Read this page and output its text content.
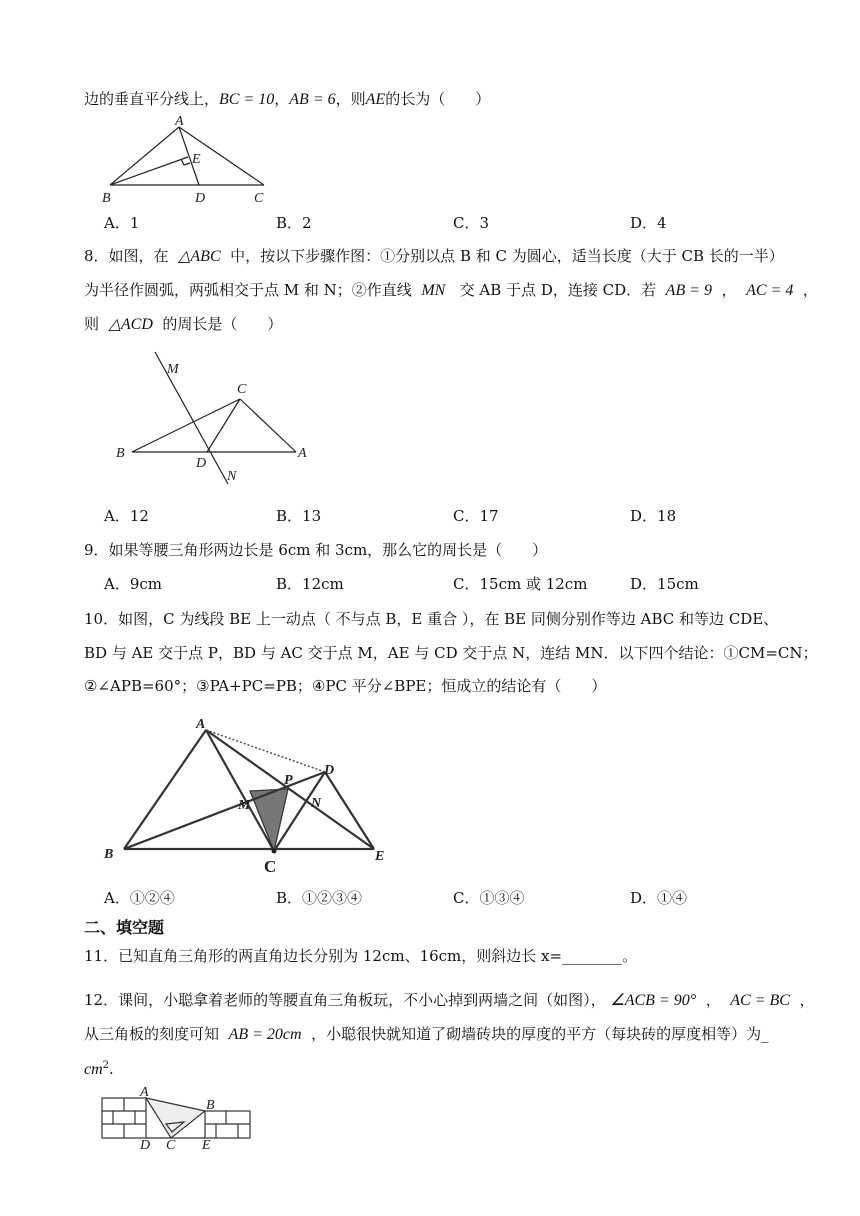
边的垂直平分线上，BC = 10，AB = 6，则AE的长为（　　）
A
B	D	C
E
A．1	B．2	C．3	D．4
8．如图，在 △ABC 中，按以下步骤作图：①分别以点 B 和 C 为圆心，适当长度（大于 CB 长的一半）
为半径作圆弧，两弧相交于点 M 和 N；②作直线 MN 交 AB 于点 D，连接 CD．若 AB = 9 ， AC = 4 ，
则 △ACD 的周长是（　　）
M
C
B
D
A
N
A．12	B．13	C．17	D．18
9．如果等腰三角形两边长是 6cm 和 3cm，那么它的周长是（　　）
A．9cm	B．12cm	C．15cm 或 12cm	D．15cm
10．如图，C 为线段 BE 上一动点（ 不与点 B，E 重合 ），在 BE 同侧分别作等边 ABC 和等边 CDE、
BD 与 AE 交于点 P，BD 与 AC 交于点 M，AE 与 CD 交于点 N，连结 MN．以下四个结论：①CM=CN；
②∠APB=60°；③PA+PC=PB；④PC 平分∠BPE；恒成立的结论有（　　）
A
B
C
D
E
M	N
P
A．①②④	B．①②③④	C．①③④	D．①④
二、填空题
11．已知直角三角形的两直角边长分别为 12cm、16cm，则斜边长 x=________。
12．课间，小聪拿着老师的等腰直角三角板玩，不小心掉到两墙之间（如图）， ∠ACB = 90° ， AC = BC ，
从三角板的刻度可知 AB = 20cm ，小聪很快就知道了砌墙砖块的厚度的平方（每块砖的厚度相等）为_
$cm^2$.
A
B
D C E
